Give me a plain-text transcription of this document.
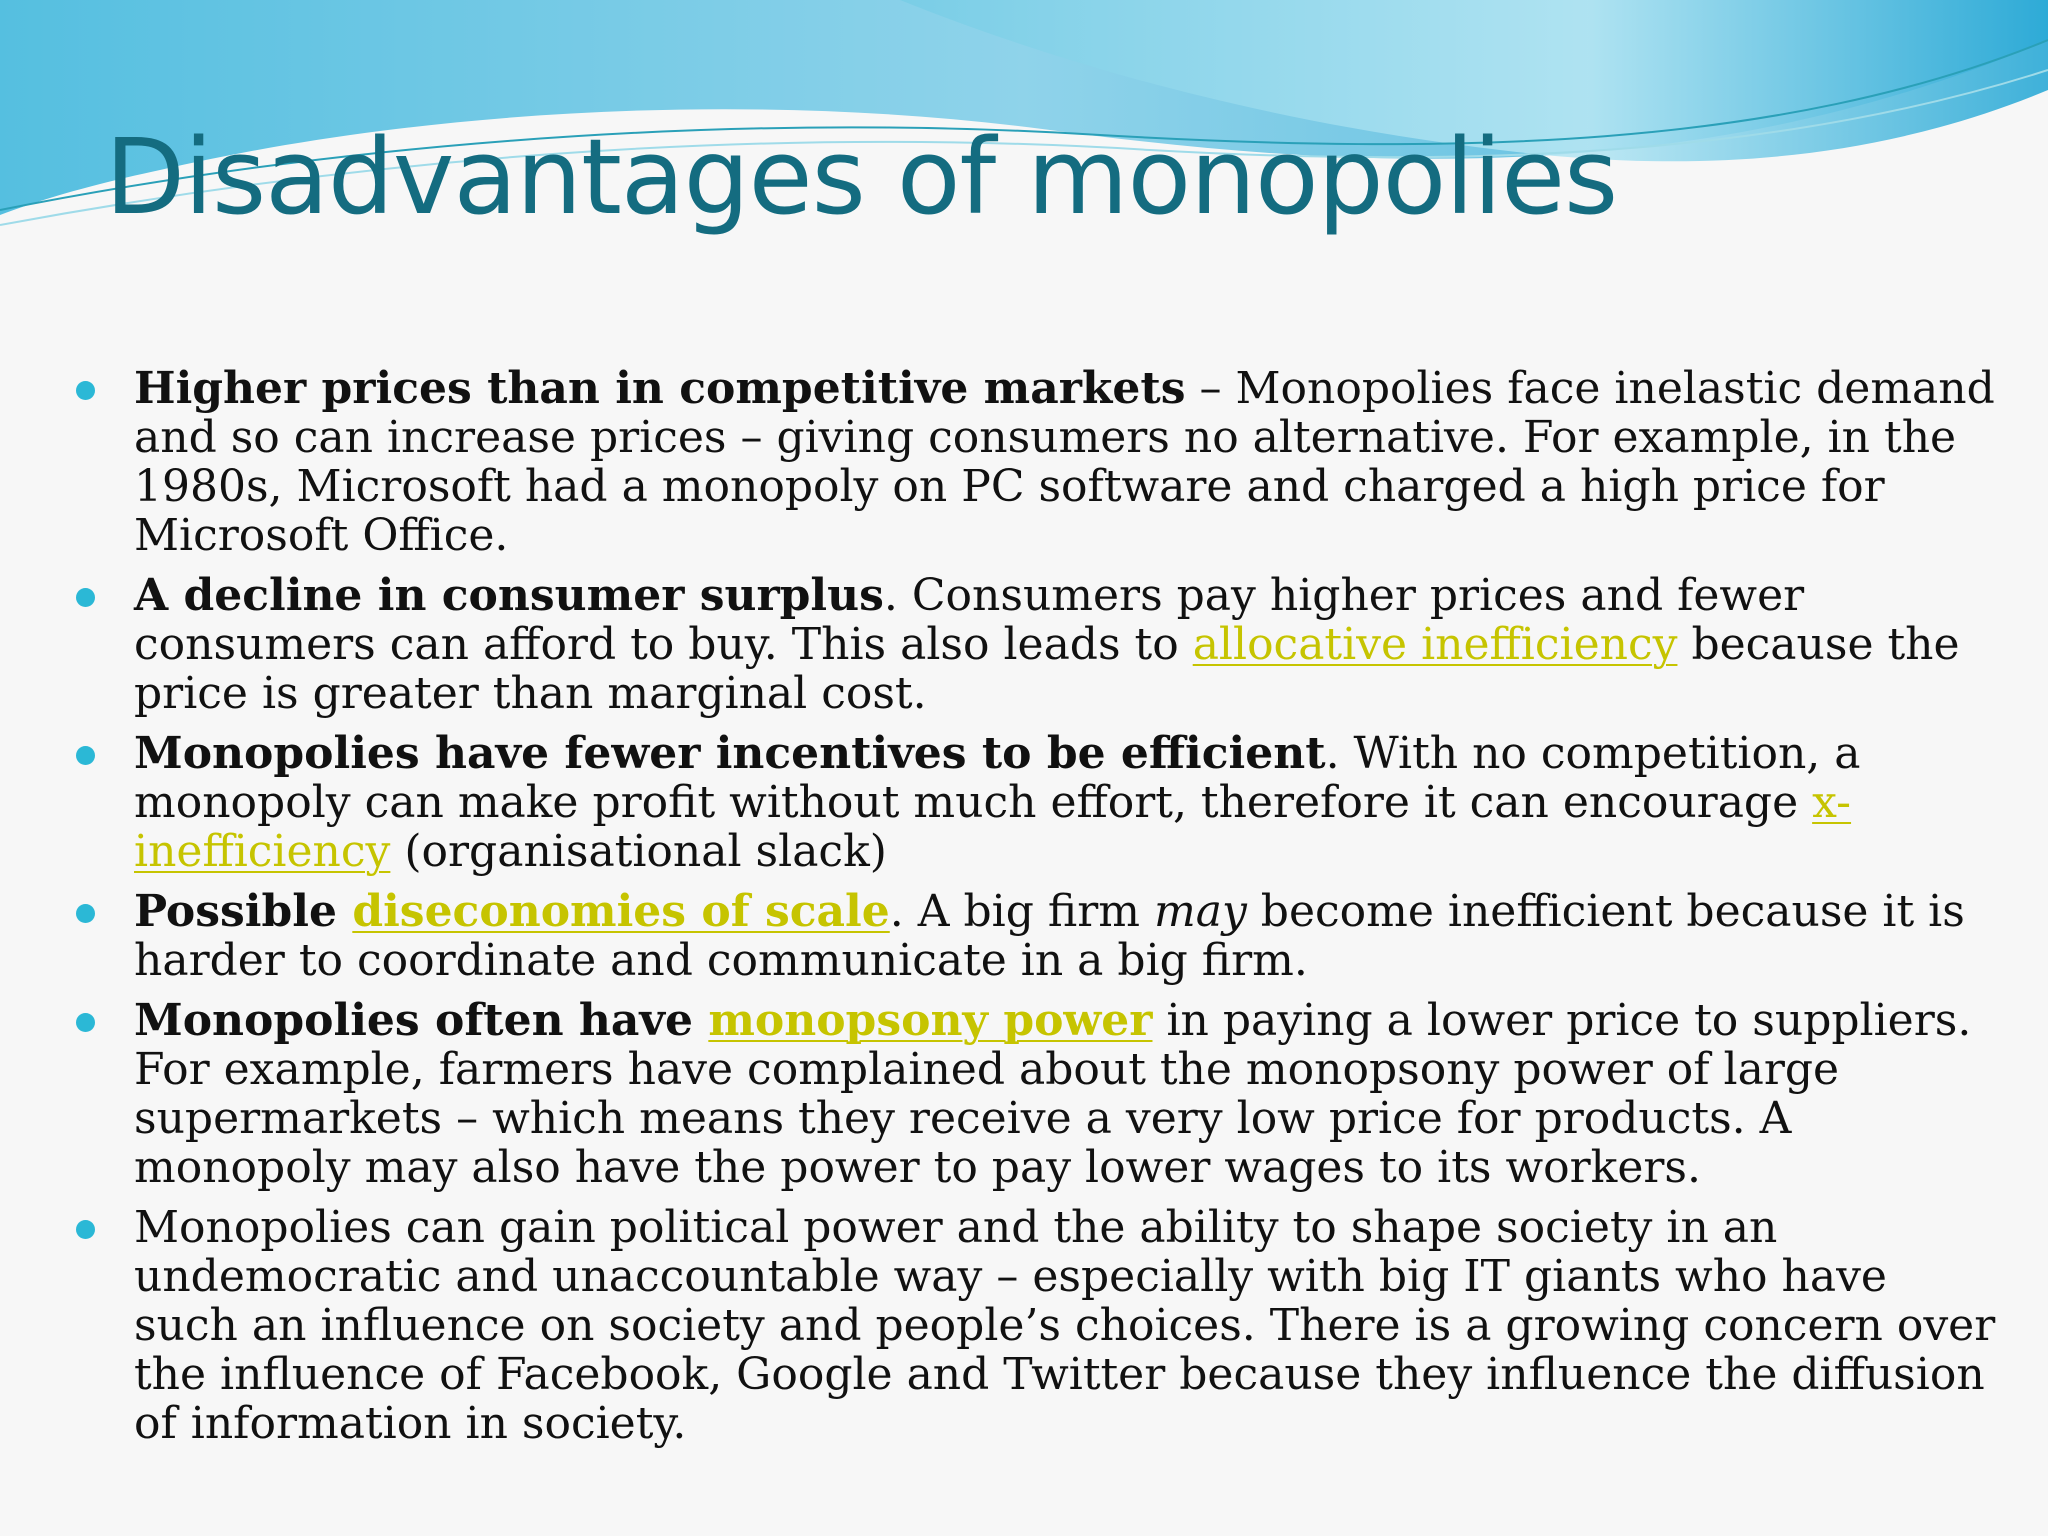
Disadvantages of monopolies
Higher prices than in competitive markets – Monopolies face inelastic demand and so can increase prices – giving consumers no alternative. For example, in the 1980s, Microsoft had a monopoly on PC software and charged a high price for Microsoft Office.
A decline in consumer surplus. Consumers pay higher prices and fewer consumers can afford to buy. This also leads to allocative inefficiency because the price is greater than marginal cost.
Monopolies have fewer incentives to be efficient. With no competition, a monopoly can make profit without much effort, therefore it can encourage x-inefficiency (organisational slack)
Possible diseconomies of scale. A big firm may become inefficient because it is harder to coordinate and communicate in a big firm.
Monopolies often have monopsony power in paying a lower price to suppliers. For example, farmers have complained about the monopsony power of large supermarkets – which means they receive a very low price for products. A monopoly may also have the power to pay lower wages to its workers.
Monopolies can gain political power and the ability to shape society in an undemocratic and unaccountable way – especially with big IT giants who have such an influence on society and people’s choices. There is a growing concern over the influence of Facebook, Google and Twitter because they influence the diffusion of information in society.
